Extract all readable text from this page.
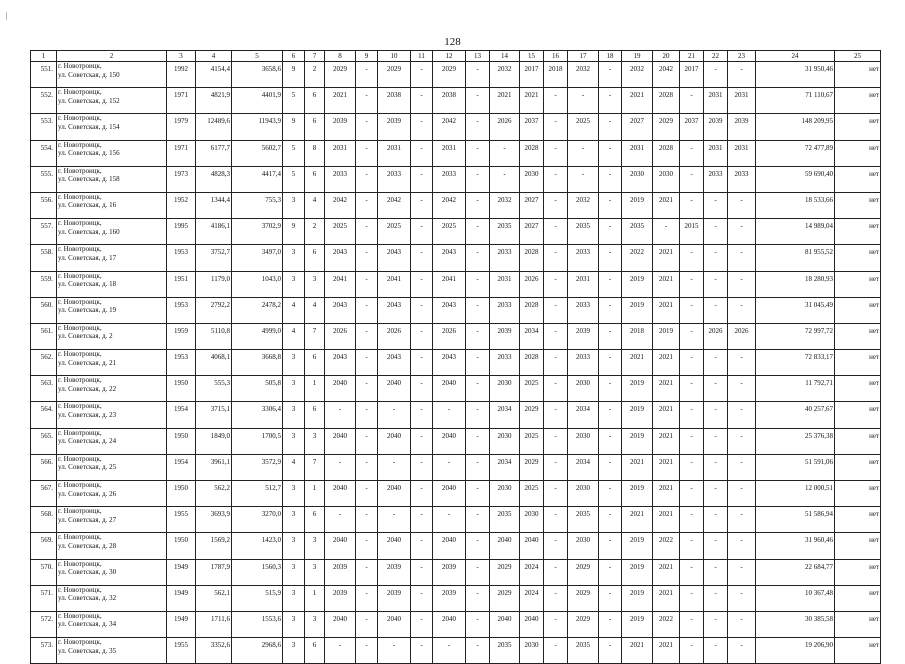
128
1	2	3	4	5	6	7	8	9	10	11	12	13	14	15	16	17	18	19	20	21	22	23	24	25
551.	г. Новотроицк,
ул. Советская, д. 150	1992	4154,4	3658,6	9	2	2029	-	2029	-	2029	-	2032	2017	2018	2032	-	2032	2042	2017	-	-	31 950,46	нет
552.	г. Новотроицк,
ул. Советская, д. 152	1971	4821,9	4401,9	5	6	2021	-	2038	-	2038	-	2021	2021	-	-	-	2021	2028	-	2031	2031	71 110,67	нет
553.	г. Новотроицк,
ул. Советская, д. 154	1979	12489,6	11943,9	9	6	2039	-	2039	-	2042	-	2026	2037	-	2025	-	2027	2029	2037	2039	2039	148 209,95	нет
554.	г. Новотроицк,
ул. Советская, д. 156	1971	6177,7	5602,7	5	8	2031	-	2031	-	2031	-	-	2028	-	-	-	2031	2028	-	2031	2031	72 477,89	нет
555.	г. Новотроицк,
ул. Советская, д. 158	1973	4828,3	4417,4	5	6	2033	-	2033	-	2033	-	-	2030	-	-	-	2030	2030	-	2033	2033	59 690,40	нет
556.	г. Новотроицк,
ул. Советская, д. 16	1952	1344,4	755,3	3	4	2042	-	2042	-	2042	-	2032	2027	-	2032	-	2019	2021	-	-	-	18 533,66	нет
557.	г. Новотроицк,
ул. Советская, д. 160	1995	4186,1	3702,9	9	2	2025	-	2025	-	2025	-	2035	2027	-	2035	-	2035	-	2015	-	-	14 989,04	нет
558.	г. Новотроицк,
ул. Советская, д. 17	1953	3752,7	3497,0	3	6	2043	-	2043	-	2043	-	2033	2028	-	2033	-	2022	2021	-	-	-	81 955,52	нет
559.	г. Новотроицк,
ул. Советская, д. 18	1951	1179,0	1043,0	3	3	2041	-	2041	-	2041	-	2031	2026	-	2031	-	2019	2021	-	-	-	18 280,93	нет
560.	г. Новотроицк,
ул. Советская, д. 19	1953	2792,2	2478,2	4	4	2043	-	2043	-	2043	-	2033	2028	-	2033	-	2019	2021	-	-	-	31 045,49	нет
561.	г. Новотроицк,
ул. Советская, д. 2	1959	5110,8	4999,0	4	7	2026	-	2026	-	2026	-	2039	2034	-	2039	-	2018	2019	-	2026	2026	72 997,72	нет
562.	г. Новотроицк,
ул. Советская, д. 21	1953	4068,1	3668,8	3	6	2043	-	2043	-	2043	-	2033	2028	-	2033	-	2021	2021	-	-	-	72 833,17	нет
563.	г. Новотроицк,
ул. Советская, д. 22	1950	555,3	505,8	3	1	2040	-	2040	-	2040	-	2030	2025	-	2030	-	2019	2021	-	-	-	11 792,71	нет
564.	г. Новотроицк,
ул. Советская, д. 23	1954	3715,1	3306,4	3	6	-	-	-	-	-	-	2034	2029	-	2034	-	2019	2021	-	-	-	40 257,67	нет
565.	г. Новотроицк,
ул. Советская, д. 24	1950	1849,0	1700,5	3	3	2040	-	2040	-	2040	-	2030	2025	-	2030	-	2019	2021	-	-	-	25 376,38	нет
566.	г. Новотроицк,
ул. Советская, д. 25	1954	3961,1	3572,9	4	7	-	-	-	-	-	-	2034	2029	-	2034	-	2021	2021	-	-	-	51 591,06	нет
567.	г. Новотроицк,
ул. Советская, д. 26	1950	562,2	512,7	3	1	2040	-	2040	-	2040	-	2030	2025	-	2030	-	2019	2021	-	-	-	12 000,51	нет
568.	г. Новотроицк,
ул. Советская, д. 27	1955	3693,9	3270,0	3	6	-	-	-	-	-	-	2035	2030	-	2035	-	2021	2021	-	-	-	51 586,94	нет
569.	г. Новотроицк,
ул. Советская, д. 28	1950	1569,2	1423,0	3	3	2040	-	2040	-	2040	-	2040	2040	-	2030	-	2019	2022	-	-	-	31 960,46	нет
570.	г. Новотроицк,
ул. Советская, д. 30	1949	1787,9	1560,3	3	3	2039	-	2039	-	2039	-	2029	2024	-	2029	-	2019	2021	-	-	-	22 684,77	нет
571.	г. Новотроицк,
ул. Советская, д. 32	1949	562,1	515,9	3	1	2039	-	2039	-	2039	-	2029	2024	-	2029	-	2019	2021	-	-	-	10 367,48	нет
572.	г. Новотроицк,
ул. Советская, д. 34	1949	1711,6	1553,6	3	3	2040	-	2040	-	2040	-	2040	2040	-	2029	-	2019	2022	-	-	-	30 385,58	нет
573.	г. Новотроицк,
ул. Советская, д. 35	1955	3352,6	2968,6	3	6	-	-	-	-	-	-	2035	2030	-	2035	-	2021	2021	-	-	-	19 206,90	нет
